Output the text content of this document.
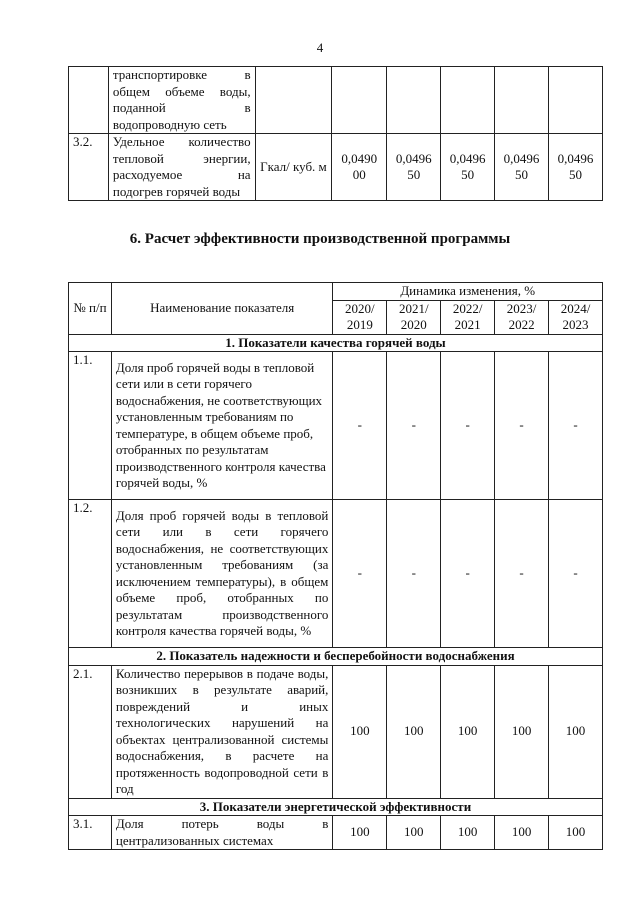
4
	транспортировке в общем объеме воды, поданной в водопроводную сеть						
3.2.	Удельное количество тепловой энергии, расходуемое на подогрев горячей воды	Гкал/ куб. м	0,0490 00	0,0496 50	0,0496 50	0,0496 50	0,0496 50
6. Расчет эффективности производственной программы
№ п/п	Наименование показателя	Динамика изменения, %				
		2020/ 2019	2021/ 2020	2022/ 2021	2023/ 2022	2024/ 2023
1. Показатели качества горячей воды						
1.1.	Доля проб горячей воды в тепловой сети или в сети горячего водоснабжения, не соответствующих установленным требованиям по температуре, в общем объеме проб, отобранных по результатам производственного контроля качества горячей воды, %	-	-	-	-	-
1.2.	Доля проб горячей воды в тепловой сети или в сети горячего водоснабжения, не соответствующих установленным требованиям (за исключением температуры), в общем объеме проб, отобранных по результатам производственного контроля качества горячей воды, %	-	-	-	-	-
2. Показатель надежности и бесперебойности водоснабжения						
2.1.	Количество перерывов в подаче воды, возникших в результате аварий, повреждений и иных технологических нарушений на объектах централизованной системы водоснабжения, в расчете на протяженность водопроводной сети в год	100	100	100	100	100
3. Показатели энергетической эффективности						
3.1.	Доля потерь воды в централизованных системах	100	100	100	100	100
